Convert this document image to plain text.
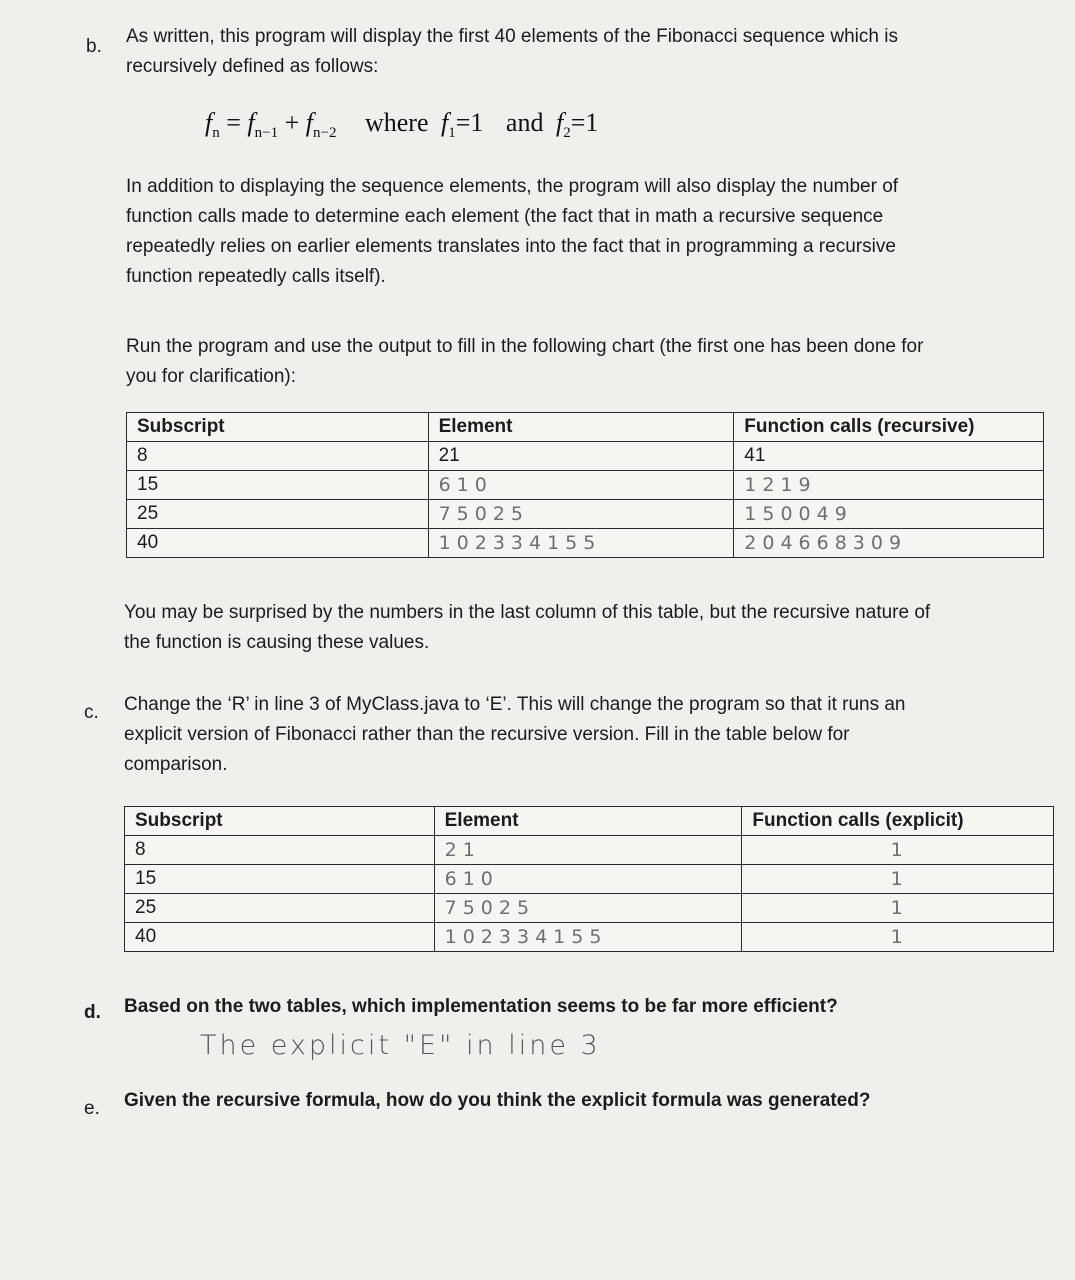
b. As written, this program will display the first 40 elements of the Fibonacci sequence which is
recursively defined as follows:
$f_n = f_{n-1} + f_{n-2}$ where $f_1=1$ and $f_2=1$
In addition to displaying the sequence elements, the program will also display the number of
function calls made to determine each element (the fact that in math a recursive sequence
repeatedly relies on earlier elements translates into the fact that in programming a recursive
function repeatedly calls itself).
Run the program and use the output to fill in the following chart (the first one has been done for
you for clarification):
Subscript	Element	Function calls (recursive)
8	21	41
15	610	1219
25	75025	150049
40	102334155	204668309
You may be surprised by the numbers in the last column of this table, but the recursive nature of
the function is causing these values.
c. Change the ‘R’ in line 3 of MyClass.java to ‘E’. This will change the program so that it runs an
explicit version of Fibonacci rather than the recursive version. Fill in the table below for
comparison.
Subscript	Element	Function calls (explicit)
8	21	1
15	610	1
25	75025	1
40	102334155	1
d. Based on the two tables, which implementation seems to be far more efficient?
The explicit "E" in line 3
e. Given the recursive formula, how do you think the explicit formula was generated?
